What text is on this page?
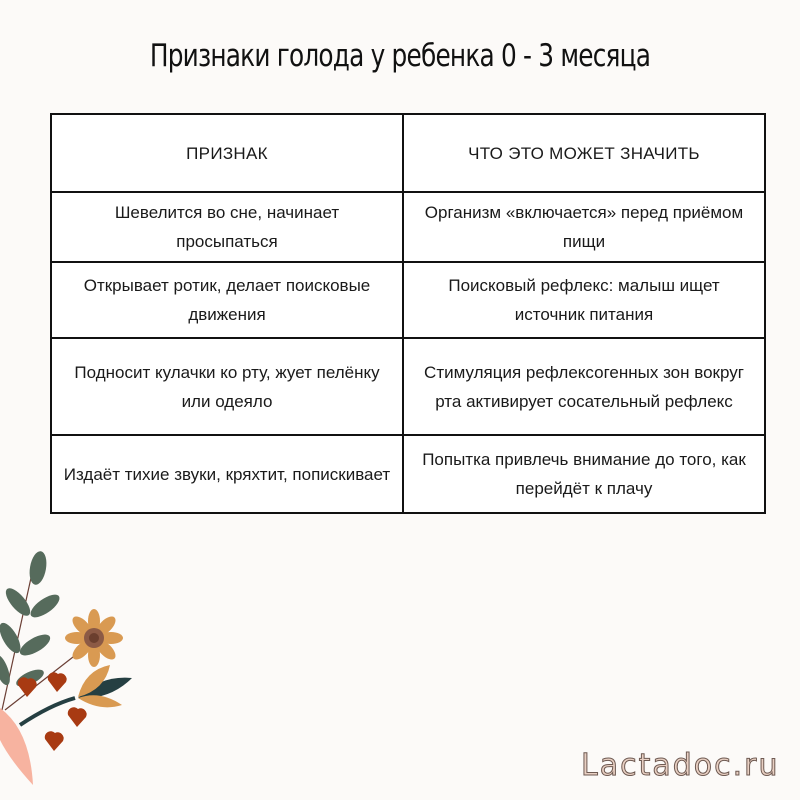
Признаки голода у ребенка 0 - 3 месяца
ПРИЗНАК	ЧТО ЭТО МОЖЕТ ЗНАЧИТЬ
Шевелится во сне, начинает просыпаться	Организм «включается» перед приёмом пищи
Открывает ротик, делает поисковые движения	Поисковый рефлекс: малыш ищет источник питания
Подносит кулачки ко рту, жует пелёнку или одеяло	Стимуляция рефлексогенных зон вокруг рта активирует сосательный рефлекс
Издаёт тихие звуки, кряхтит, попискивает	Попытка привлечь внимание до того, как перейдёт к плачу
Lactadoc.ru
